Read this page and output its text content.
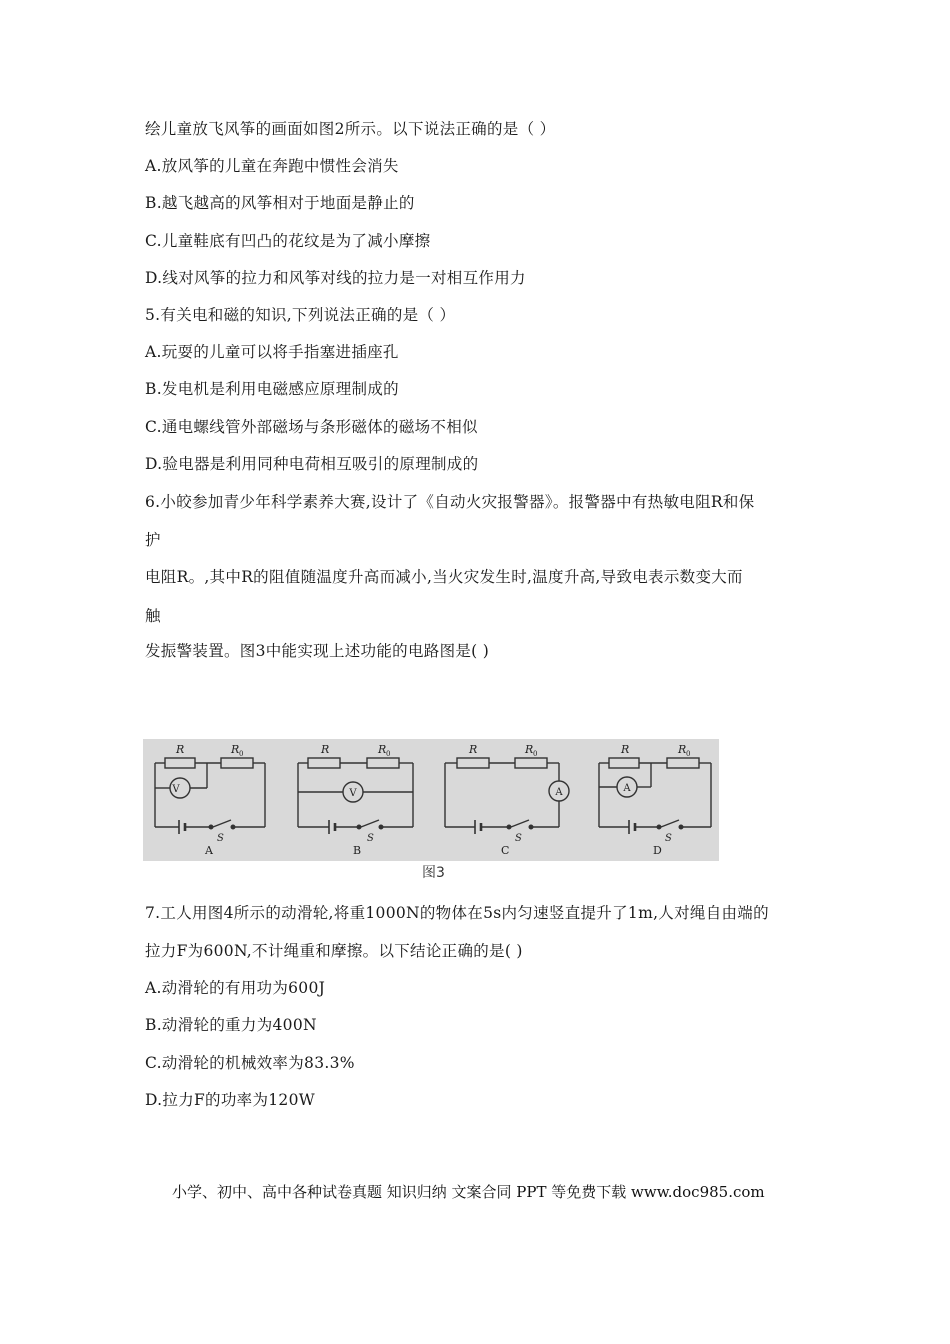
绘儿童放飞风筝的画面如图2所示。以下说法正确的是（ ）
A.放风筝的儿童在奔跑中惯性会消失
B.越飞越高的风筝相对于地面是静止的
C.儿童鞋底有凹凸的花纹是为了减小摩擦
D.线对风筝的拉力和风筝对线的拉力是一对相互作用力
5.有关电和磁的知识,下列说法正确的是（ ）
A.玩耍的儿童可以将手指塞进插座孔
B.发电机是利用电磁感应原理制成的
C.通电螺线管外部磁场与条形磁体的磁场不相似
D.验电器是利用同种电荷相互吸引的原理制成的
6.小皎参加青少年科学素养大赛,设计了《自动火灾报警器》。报警器中有热敏电阻R和保
护
电阻R。,其中R的阻值随温度升高而减小,当火灾发生时,温度升高,导致电表示数变大而
触
发振警装置。图3中能实现上述功能的电路图是( )
7.工人用图4所示的动滑轮,将重1000N的物体在5s内匀速竖直提升了1m,人对绳自由端的
拉力F为600N,不计绳重和摩擦。以下结论正确的是( )
A.动滑轮的有用功为600J
B.动滑轮的重力为400N
C.动滑轮的机械效率为83.3%
D.拉力F的功率为120W
R	R 0
V
S
A
R	R 0
V
S
B
R	R 0
A
S
C
R	R 0
A
S
D
图3
小学、初中、高中各种试卷真题 知识归纳 文案合同 PPT 等免费下载 www.doc985.com
